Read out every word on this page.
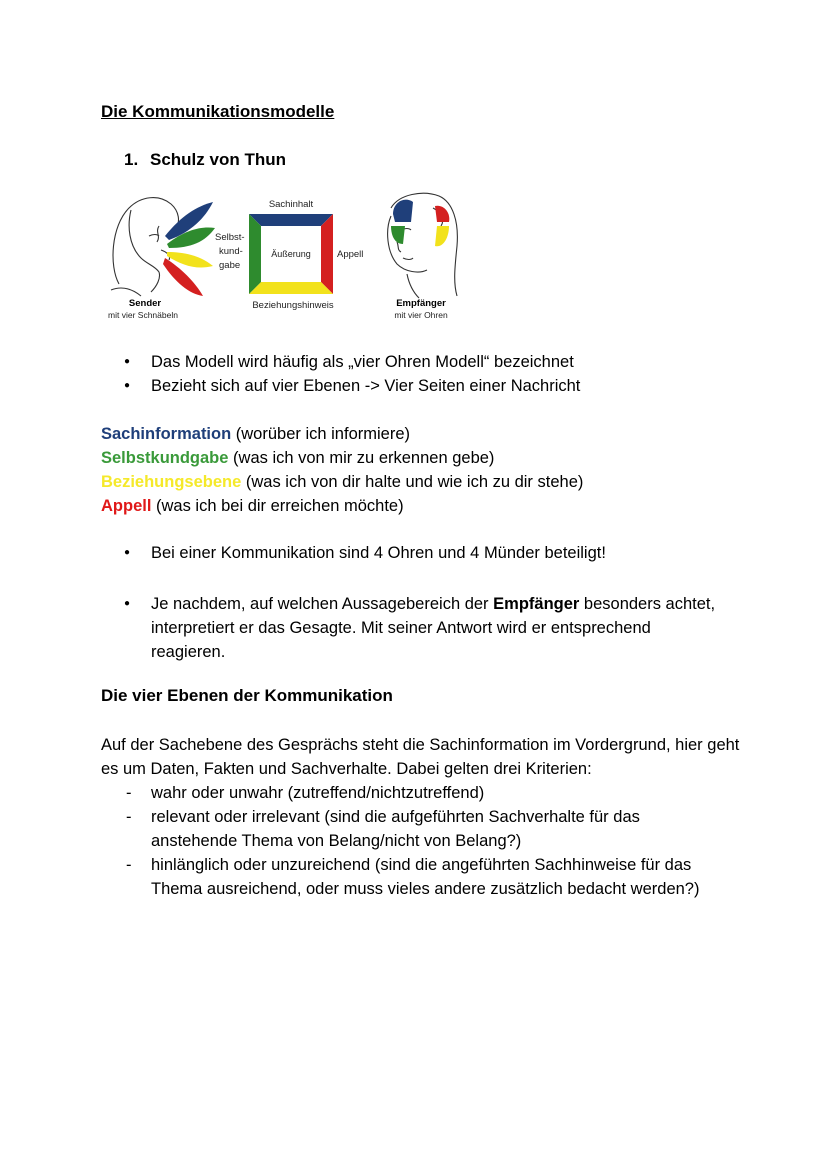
Die Kommunikationsmodelle
1. Schulz von Thun
Selbst- kund- gabe
Sachinhalt
Äußerung	Appell
Beziehungshinweis
Sender
mit vier Schnäbeln
Empfänger
mit vier Ohren
● Das Modell wird häufig als „vier Ohren Modell“ bezeichnet
● Bezieht sich auf vier Ebenen -> Vier Seiten einer Nachricht
Sachinformation (worüber ich informiere)
Selbstkundgabe (was ich von mir zu erkennen gebe)
Beziehungsebene (was ich von dir halte und wie ich zu dir stehe)
Appell (was ich bei dir erreichen möchte)
● Bei einer Kommunikation sind 4 Ohren und 4 Münder beteiligt!
● Je nachdem, auf welchen Aussagebereich der Empfänger besonders achtet, interpretiert er das Gesagte. Mit seiner Antwort wird er entsprechend reagieren.
Die vier Ebenen der Kommunikation
Auf der Sachebene des Gesprächs steht die Sachinformation im Vordergrund, hier geht es um Daten, Fakten und Sachverhalte. Dabei gelten drei Kriterien:
- wahr oder unwahr (zutreffend/nichtzutreffend)
- relevant oder irrelevant (sind die aufgeführten Sachverhalte für das anstehende Thema von Belang/nicht von Belang?)
- hinlänglich oder unzureichend (sind die angeführten Sachhinweise für das Thema ausreichend, oder muss vieles andere zusätzlich bedacht werden?)
